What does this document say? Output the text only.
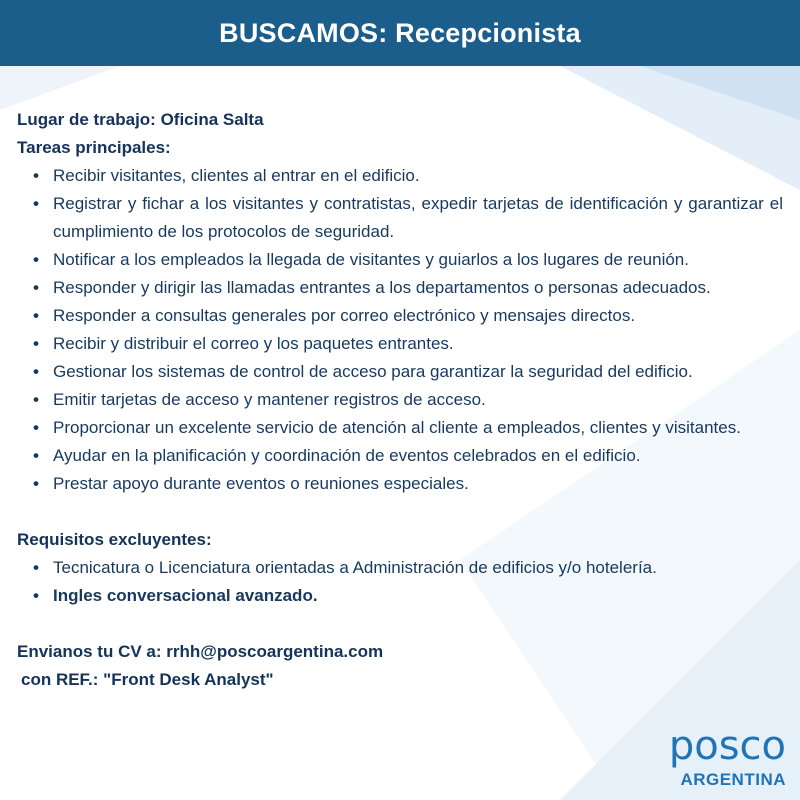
BUSCAMOS: Recepcionista
Lugar de trabajo: Oficina Salta
Tareas principales:
• Recibir visitantes, clientes al entrar en el edificio.
• Registrar y fichar a los visitantes y contratistas, expedir tarjetas de identificación y garantizar el cumplimiento de los protocolos de seguridad.
• Notificar a los empleados la llegada de visitantes y guiarlos a los lugares de reunión.
• Responder y dirigir las llamadas entrantes a los departamentos o personas adecuados.
• Responder a consultas generales por correo electrónico y mensajes directos.
• Recibir y distribuir el correo y los paquetes entrantes.
• Gestionar los sistemas de control de acceso para garantizar la seguridad del edificio.
• Emitir tarjetas de acceso y mantener registros de acceso.
• Proporcionar un excelente servicio de atención al cliente a empleados, clientes y visitantes.
• Ayudar en la planificación y coordinación de eventos celebrados en el edificio.
• Prestar apoyo durante eventos o reuniones especiales.
Requisitos excluyentes:
• Tecnicatura o Licenciatura orientadas a Administración de edificios y/o hotelería.
• Ingles conversacional avanzado.
Envianos tu CV a: rrhh@poscoargentina.com
con REF.: "Front Desk Analyst"
posco
ARGENTINA
